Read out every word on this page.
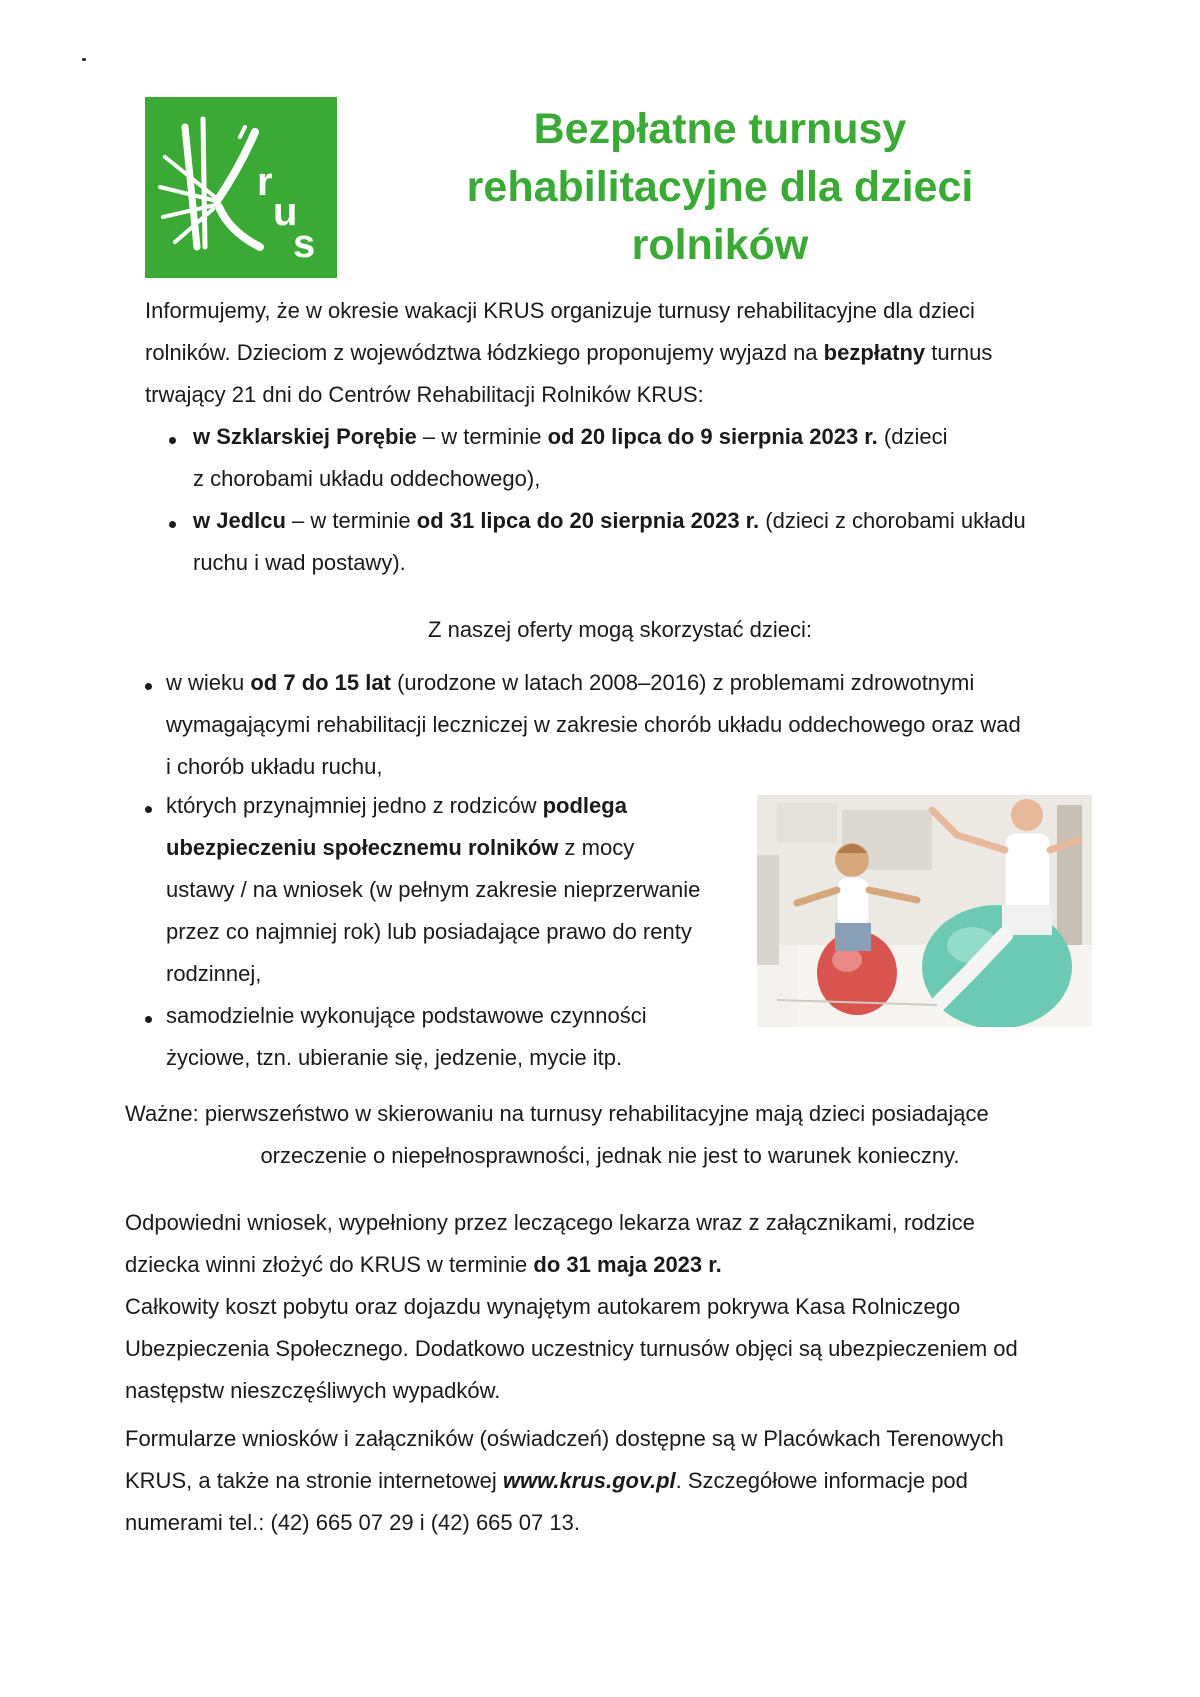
r
u
s
Bezpłatne turnusy
rehabilitacyjne dla dzieci
rolników
Informujemy, że w okresie wakacji KRUS organizuje turnusy rehabilitacyjne dla dzieci
rolników. Dzieciom z województwa łódzkiego proponujemy wyjazd na bezpłatny turnus
trwający 21 dni do Centrów Rehabilitacji Rolników KRUS:
w Szklarskiej Porębie – w terminie od 20 lipca do 9 sierpnia 2023 r. (dzieci
z chorobami układu oddechowego),
w Jedlcu – w terminie od 31 lipca do 20 sierpnia 2023 r. (dzieci z chorobami układu
ruchu i wad postawy).
Z naszej oferty mogą skorzystać dzieci:
w wieku od 7 do 15 lat (urodzone w latach 2008–2016) z problemami zdrowotnymi
wymagającymi rehabilitacji leczniczej w zakresie chorób układu oddechowego oraz wad
i chorób układu ruchu,
których przynajmniej jedno z rodziców podlega
ubezpieczeniu społecznemu rolników z mocy
ustawy / na wniosek (w pełnym zakresie nieprzerwanie
przez co najmniej rok) lub posiadające prawo do renty
rodzinnej,
samodzielnie wykonujące podstawowe czynności
życiowe, tzn. ubieranie się, jedzenie, mycie itp.
Ważne: pierwszeństwo w skierowaniu na turnusy rehabilitacyjne mają dzieci posiadające
orzeczenie o niepełnosprawności, jednak nie jest to warunek konieczny.
Odpowiedni wniosek, wypełniony przez leczącego lekarza wraz z załącznikami, rodzice
dziecka winni złożyć do KRUS w terminie do 31 maja 2023 r.
Całkowity koszt pobytu oraz dojazdu wynajętym autokarem pokrywa Kasa Rolniczego
Ubezpieczenia Społecznego. Dodatkowo uczestnicy turnusów objęci są ubezpieczeniem od
następstw nieszczęśliwych wypadków.
Formularze wniosków i załączników (oświadczeń) dostępne są w Placówkach Terenowych
KRUS, a także na stronie internetowej www.krus.gov.pl. Szczegółowe informacje pod
numerami tel.: (42) 665 07 29 i (42) 665 07 13.
